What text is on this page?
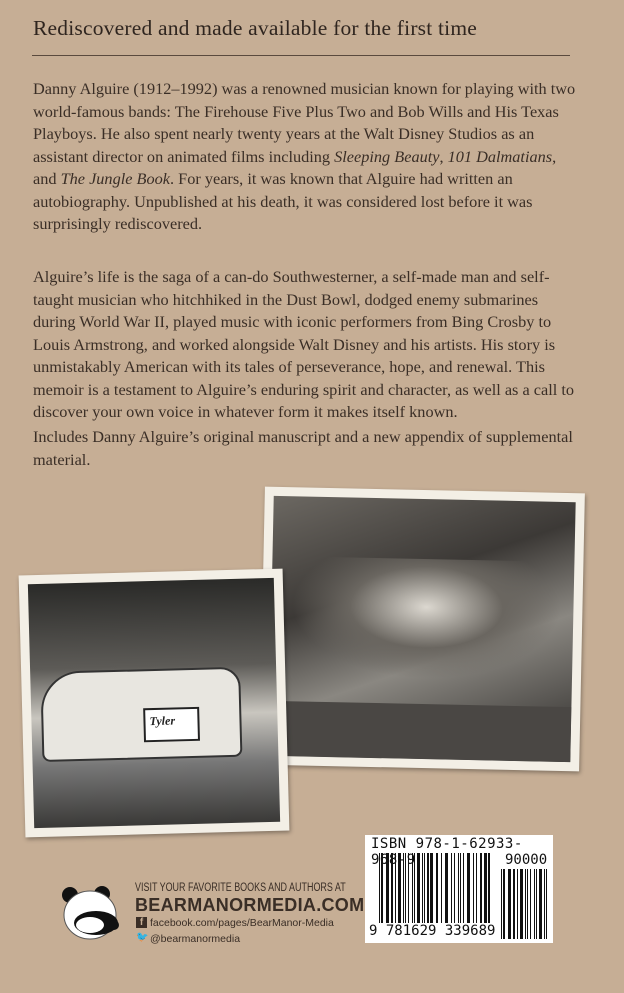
Rediscovered and made available for the first time
Danny Alguire (1912–1992) was a renowned musician known for playing with two world-famous bands: The Firehouse Five Plus Two and Bob Wills and His Texas Playboys. He also spent nearly twenty years at the Walt Disney Studios as an assistant director on animated films including Sleeping Beauty, 101 Dalmatians, and The Jungle Book. For years, it was known that Alguire had written an autobiography. Unpublished at his death, it was considered lost before it was surprisingly rediscovered.
Alguire’s life is the saga of a can-do Southwesterner, a self-made man and self-taught musician who hitchhiked in the Dust Bowl, dodged enemy submarines during World War II, played music with iconic performers from Bing Crosby to Louis Armstrong, and worked alongside Walt Disney and his artists. His story is unmistakably American with its tales of perseverance, hope, and renewal. This memoir is a testament to Alguire’s enduring spirit and character, as well as a call to discover your own voice in whatever form it makes itself known.
Includes Danny Alguire’s original manuscript and a new appendix of supplemental material.
Tyler
VISIT YOUR FAVORITE BOOKS AND AUTHORS AT
BEARMANORMEDIA.COM
f facebook.com/pages/BearManor-Media
🐦 @bearmanormedia
ISBN 978-1-62933-968-9	90000
9 781629 339689
